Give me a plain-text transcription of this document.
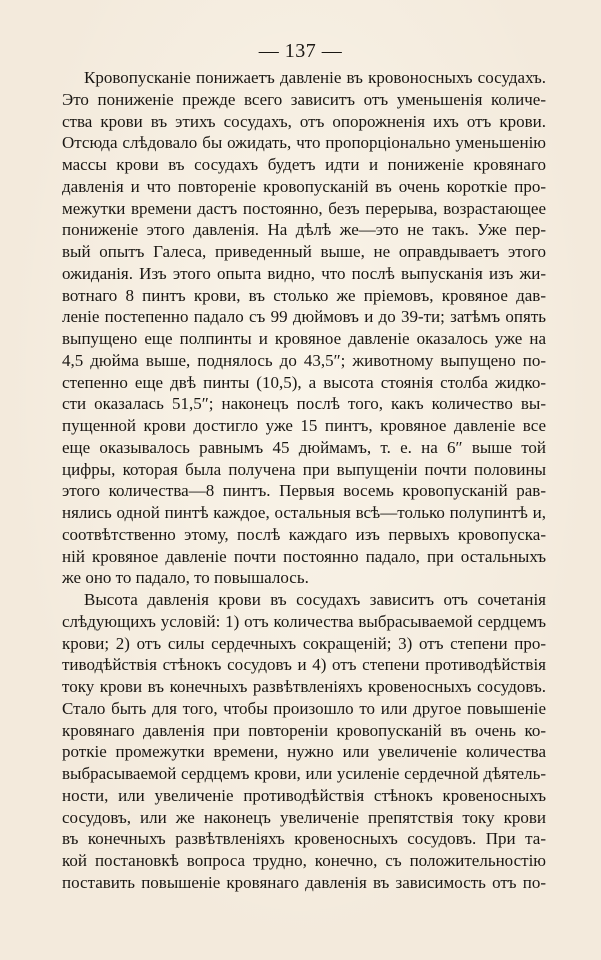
— 137 —
Кровопусканіе понижаетъ давленіе въ кровоносныхъ сосудахъ.
Это пониженіе прежде всего зависитъ отъ уменьшенія количе-
ства крови въ этихъ сосудахъ, отъ опорожненія ихъ отъ крови.
Отсюда слѣдовало бы ожидать, что пропорціонально уменьшенію
массы крови въ сосудахъ будетъ идти и пониженіе кровянаго
давленія и что повтореніе кровопусканій въ очень короткіе про-
межутки времени дастъ постоянно, безъ перерыва, возрастающее
пониженіе этого давленія. На дѣлѣ же—это не такъ. Уже пер-
вый опытъ Галеса, приведенный выше, не оправдываетъ этого
ожиданія. Изъ этого опыта видно, что послѣ выпусканія изъ жи-
вотнаго 8 пинтъ крови, въ столько же пріемовъ, кровяное дав-
леніе постепенно падало съ 99 дюймовъ и до 39-ти; затѣмъ опять
выпущено еще полпинты и кровяное давленіе оказалось уже на
4,5 дюйма выше, поднялось до 43,5″; животному выпущено по-
степенно еще двѣ пинты (10,5), а высота стоянія столба жидко-
сти оказалась 51,5″; наконецъ послѣ того, какъ количество вы-
пущенной крови достигло уже 15 пинтъ, кровяное давленіе все
еще оказывалось равнымъ 45 дюймамъ, т. е. на 6″ выше той
цифры, которая была получена при выпущеніи почти половины
этого количества—8 пинтъ. Первыя восемь кровопусканій рав-
нялись одной пинтѣ каждое, остальныя всѣ—только полупинтѣ и,
соотвѣтственно этому, послѣ каждаго изъ первыхъ кровопуска-
ній кровяное давленіе почти постоянно падало, при остальныхъ
же оно то падало, то повышалось.
Высота давленія крови въ сосудахъ зависитъ отъ сочетанія
слѣдующихъ условій: 1) отъ количества выбрасываемой сердцемъ
крови; 2) отъ силы сердечныхъ сокращеній; 3) отъ степени про-
тиводѣйствія стѣнокъ сосудовъ и 4) отъ степени противодѣйствія
току крови въ конечныхъ развѣтвленіяхъ кровеносныхъ сосудовъ.
Стало быть для того, чтобы произошло то или другое повышеніе
кровянаго давленія при повтореніи кровопусканій въ очень ко-
роткіе промежутки времени, нужно или увеличеніе количества
выбрасываемой сердцемъ крови, или усиленіе сердечной дѣятель-
ности, или увеличеніе противодѣйствія стѣнокъ кровеносныхъ
сосудовъ, или же наконецъ увеличеніе препятствія току крови
въ конечныхъ развѣтвленіяхъ кровеносныхъ сосудовъ. При та-
кой постановкѣ вопроса трудно, конечно, съ положительностію
поставить повышеніе кровянаго давленія въ зависимость отъ по-
